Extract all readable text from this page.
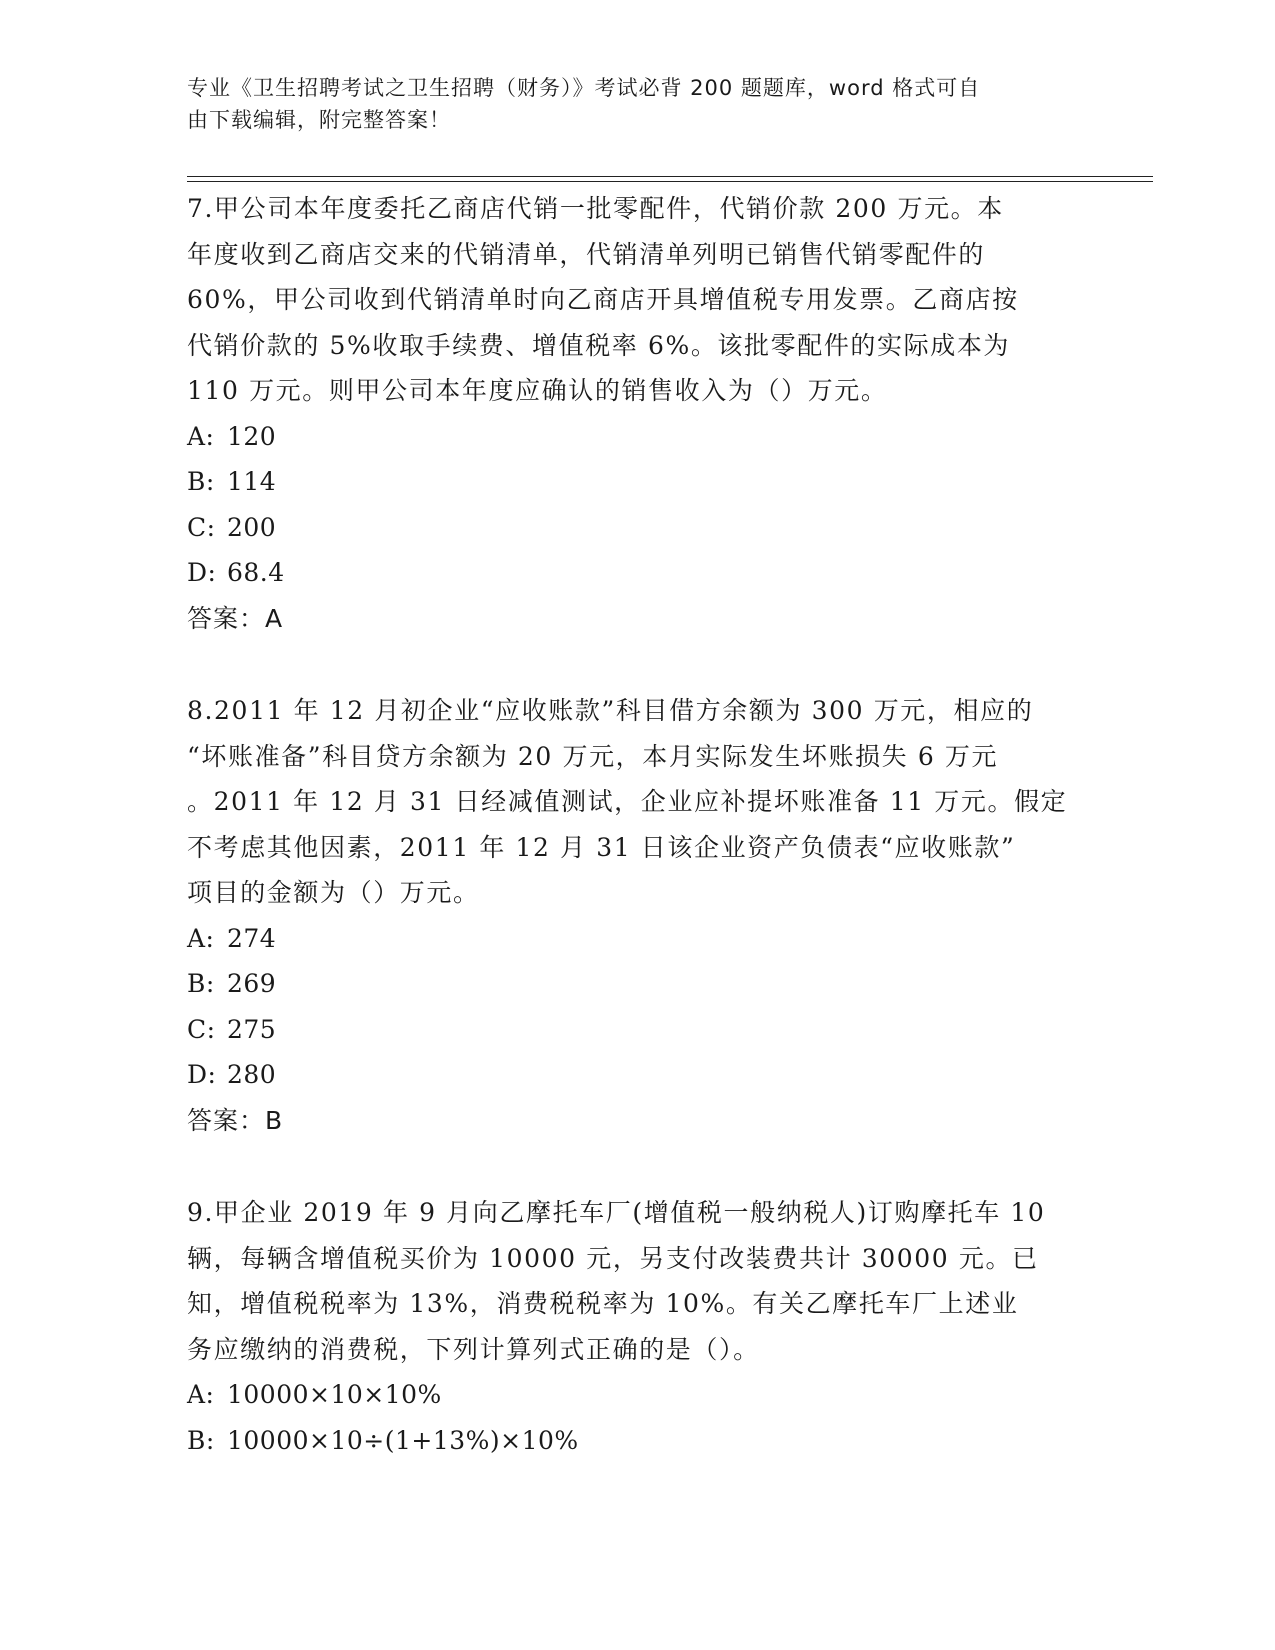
专业《卫生招聘考试之卫生招聘（财务）》考试必背 200 题题库，word 格式可自
由下载编辑，附完整答案！
7.甲公司本年度委托乙商店代销一批零配件，代销价款 200 万元。本
年度收到乙商店交来的代销清单，代销清单列明已销售代销零配件的
60%，甲公司收到代销清单时向乙商店开具增值税专用发票。乙商店按
代销价款的 5%收取手续费、增值税率 6%。该批零配件的实际成本为
110 万元。则甲公司本年度应确认的销售收入为（）万元。
A: 120
B: 114
C: 200
D: 68.4
答案：A
8.2011 年 12 月初企业“应收账款”科目借方余额为 300 万元，相应的
“坏账准备”科目贷方余额为 20 万元，本月实际发生坏账损失 6 万元
。2011 年 12 月 31 日经减值测试，企业应补提坏账准备 11 万元。假定
不考虑其他因素，2011 年 12 月 31 日该企业资产负债表“应收账款”
项目的金额为（）万元。
A: 274
B: 269
C: 275
D: 280
答案：B
9.甲企业 2019 年 9 月向乙摩托车厂(增值税一般纳税人)订购摩托车 10
辆，每辆含增值税买价为 10000 元，另支付改装费共计 30000 元。已
知，增值税税率为 13%，消费税税率为 10%。有关乙摩托车厂上述业
务应缴纳的消费税，下列计算列式正确的是（）。
A: 10000×10×10%
B: 10000×10÷(1+13%)×10%
